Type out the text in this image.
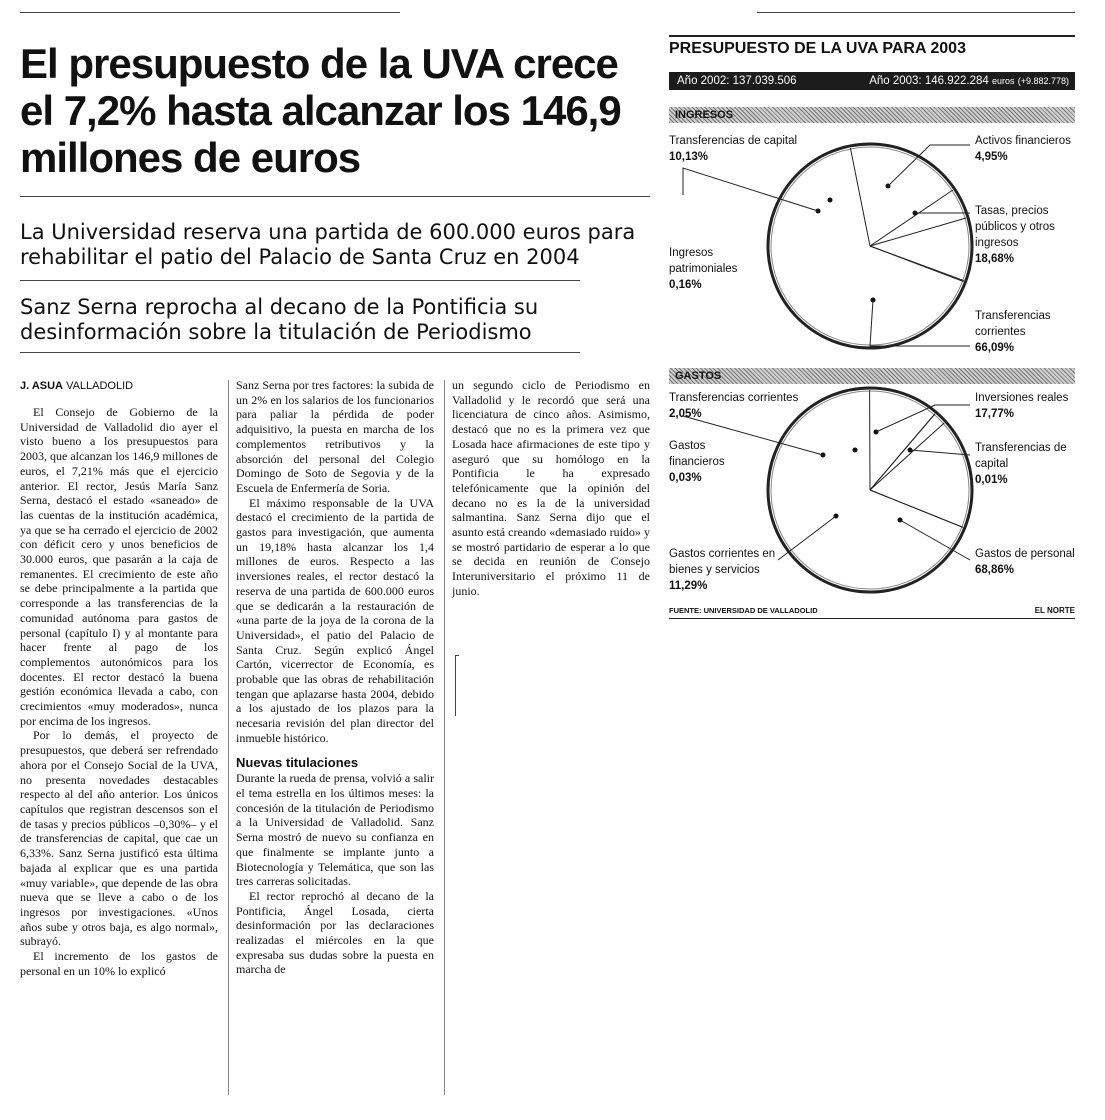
El presupuesto de la UVA crece el 7,2% hasta alcanzar los 146,9 millones de euros

La Universidad reserva una partida de 600.000 euros para rehabilitar el patio del Palacio de Santa Cruz en 2004

Sanz Serna reprocha al decano de la Pontificia su desinformación sobre la titulación de Periodismo

J. ASUA VALLADOLID

El Consejo de Gobierno de la Universidad de Valladolid dio ayer el visto bueno a los presupuestos para 2003, que alcanzan los 146,9 millones de euros, el 7,21% más que el ejercicio anterior. El rector, Jesús María Sanz Serna, destacó el estado «saneado» de las cuentas de la institución académica, ya que se ha cerrado el ejercicio de 2002 con déficit cero y unos beneficios de 30.000 euros, que pasarán a la caja de remanentes. El crecimiento de este año se debe principalmente a la partida que corresponde a las transferencias de la comunidad autónoma para gastos de personal (capítulo I) y al montante para hacer frente al pago de los complementos autonómicos para los docentes. El rector destacó la buena gestión económica llevada a cabo, con crecimientos «muy moderados», nunca por encima de los ingresos.

Por lo demás, el proyecto de presupuestos, que deberá ser refrendado ahora por el Consejo Social de la UVA, no presenta novedades destacables respecto al del año anterior. Los únicos capítulos que registran descensos son el de tasas y precios públicos –0,30%– y el de transferencias de capital, que cae un 6,33%. Sanz Serna justificó esta última bajada al explicar que es una partida «muy variable», que depende de las obra nueva que se lleve a cabo o de los ingresos por investigaciones. «Unos años sube y otros baja, es algo normal», subrayó.

El incremento de los gastos de personal en un 10% lo explicó

Sanz Serna por tres factores: la subida de un 2% en los salarios de los funcionarios para paliar la pérdida de poder adquisitivo, la puesta en marcha de los complementos retributivos y la absorción del personal del Colegio Domingo de Soto de Segovia y de la Escuela de Enfermería de Soria.

El máximo responsable de la UVA destacó el crecimiento de la partida de gastos para investigación, que aumenta un 19,18% hasta alcanzar los 1,4 millones de euros. Respecto a las inversiones reales, el rector destacó la reserva de una partida de 600.000 euros que se dedicarán a la restauración de «una parte de la joya de la corona de la Universidad», el patio del Palacio de Santa Cruz. Según explicó Ángel Cartón, vicerrector de Economía, es probable que las obras de rehabilitación tengan que aplazarse hasta 2004, debido a los ajustado de los plazos para la necesaria revisión del plan director del inmueble histórico.

Nuevas titulaciones

Durante la rueda de prensa, volvió a salir el tema estrella en los últimos meses: la concesión de la titulación de Periodismo a la Universidad de Valladolid. Sanz Serna mostró de nuevo su confianza en que finalmente se implante junto a Biotecnología y Telemática, que son las tres carreras solicitadas.

El rector reprochó al decano de la Pontificia, Ángel Losada, cierta desinformación por las declaraciones realizadas el miércoles en la que expresaba sus dudas sobre la puesta en marcha de

un segundo ciclo de Periodismo en Valladolid y le recordó que será una licenciatura de cinco años. Asimismo, destacó que no es la primera vez que Losada hace afirmaciones de este tipo y aseguró que su homólogo en la Pontificia le ha expresado telefónicamente que la opinión del decano no es la de la universidad salmantina. Sanz Serna dijo que el asunto está creando «demasiado ruido» y se mostró partidario de esperar a lo que se decida en reunión de Consejo Interuniversitario el próximo 11 de junio.

PRESUPUESTO DE LA UVA PARA 2003
Año 2002: 137.039.506	Año 2003: 146.922.284 euros (+9.882.778)
INGRESOS
GASTOS
Transferencias de capital
10,13%
Activos financieros
4,95%
Tasas, precios públicos y otros ingresos
18,68%
Ingresos patrimoniales
0,16%
Transferencias corrientes
66,09%
Transferencias corrientes
2,05%
Inversiones reales
17,77%
Gastos financieros
0,03%
Transferencias de capital
0,01%
Gastos corrientes en bienes y servicios
11,29%
Gastos de personal
68,86%
FUENTE: UNIVERSIDAD DE VALLADOLID	EL NORTE
